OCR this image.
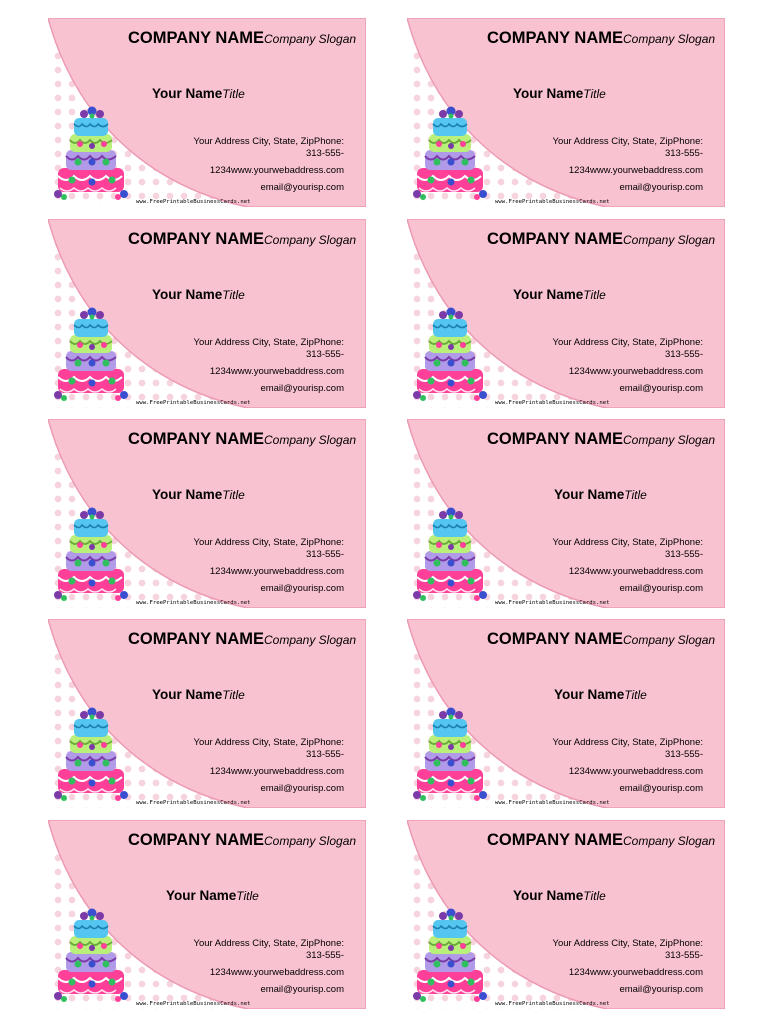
COMPANY NAMECompany Slogan
Your NameTitle
Your Address City, State, ZipPhone:
313-555-
1234www.yourwebaddress.com
email@yourisp.com
www.FreePrintableBusinessCards.net
COMPANY NAMECompany Slogan
Your NameTitle
Your Address City, State, ZipPhone:
313-555-
1234www.yourwebaddress.com
email@yourisp.com
www.FreePrintableBusinessCards.net
COMPANY NAMECompany Slogan
Your NameTitle
Your Address City, State, ZipPhone:
313-555-
1234www.yourwebaddress.com
email@yourisp.com
www.FreePrintableBusinessCards.net
COMPANY NAMECompany Slogan
Your NameTitle
Your Address City, State, ZipPhone:
313-555-
1234www.yourwebaddress.com
email@yourisp.com
www.FreePrintableBusinessCards.net
COMPANY NAMECompany Slogan
Your NameTitle
Your Address City, State, ZipPhone:
313-555-
1234www.yourwebaddress.com
email@yourisp.com
www.FreePrintableBusinessCards.net
COMPANY NAMECompany Slogan
Your NameTitle
Your Address City, State, ZipPhone:
313-555-
1234www.yourwebaddress.com
email@yourisp.com
www.FreePrintableBusinessCards.net
COMPANY NAMECompany Slogan
Your NameTitle
Your Address City, State, ZipPhone:
313-555-
1234www.yourwebaddress.com
email@yourisp.com
www.FreePrintableBusinessCards.net
COMPANY NAMECompany Slogan
Your NameTitle
Your Address City, State, ZipPhone:
313-555-
1234www.yourwebaddress.com
email@yourisp.com
www.FreePrintableBusinessCards.net
COMPANY NAMECompany Slogan
Your NameTitle
Your Address City, State, ZipPhone:
313-555-
1234www.yourwebaddress.com
email@yourisp.com
www.FreePrintableBusinessCards.net
COMPANY NAMECompany Slogan
Your NameTitle
Your Address City, State, ZipPhone:
313-555-
1234www.yourwebaddress.com
email@yourisp.com
www.FreePrintableBusinessCards.net
